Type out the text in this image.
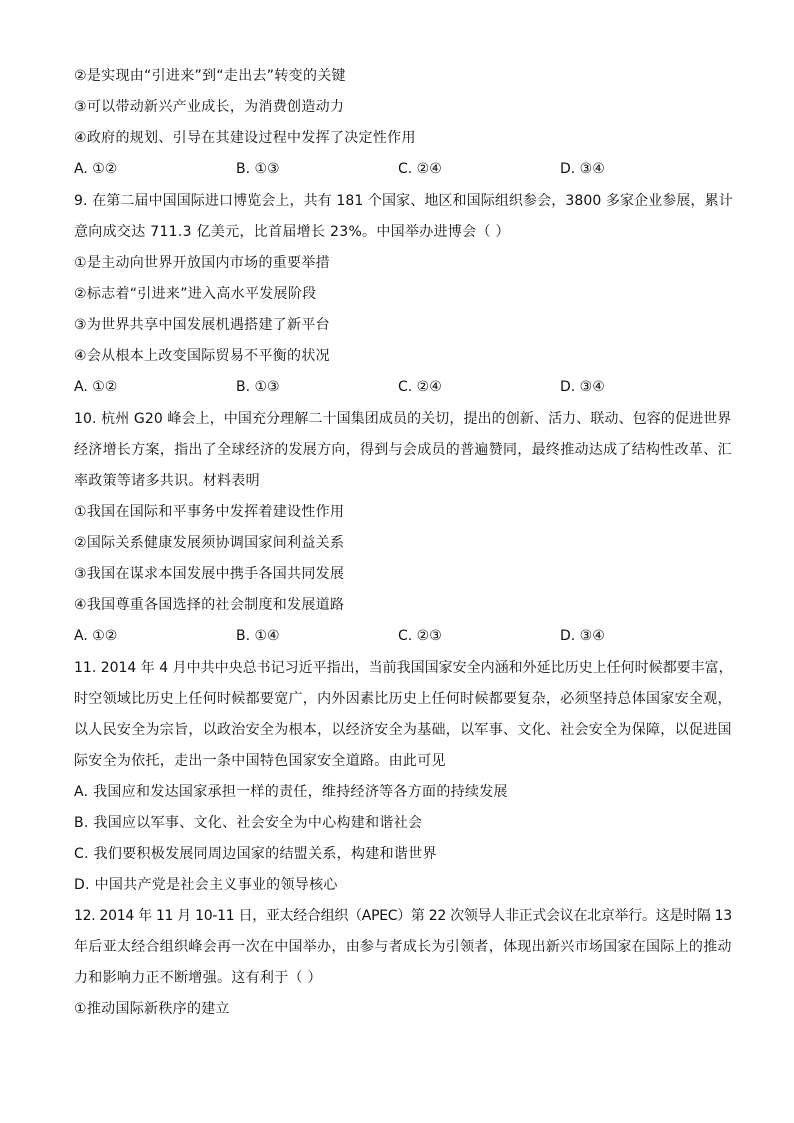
②是实现由“引进来”到“走出去”转变的关键
③可以带动新兴产业成长，为消费创造动力
④政府的规划、引导在其建设过程中发挥了决定性作用
A. ①②	B. ①③	C. ②④	D. ③④
9. 在第二届中国国际进口博览会上，共有 181 个国家、地区和国际组织参会，3800 多家企业参展，累计
意向成交达 711.3 亿美元，比首届增长 23%。中国举办进博会（ ）
①是主动向世界开放国内市场的重要举措
②标志着“引进来”进入高水平发展阶段
③为世界共享中国发展机遇搭建了新平台
④会从根本上改变国际贸易不平衡的状况
A. ①②	B. ①③	C. ②④	D. ③④
10. 杭州 G20 峰会上，中国充分理解二十国集团成员的关切，提出的创新、活力、联动、包容的促进世界
经济增长方案，指出了全球经济的发展方向，得到与会成员的普遍赞同，最终推动达成了结构性改革、汇
率政策等诸多共识。材料表明
①我国在国际和平事务中发挥着建设性作用
②国际关系健康发展须协调国家间利益关系
③我国在谋求本国发展中携手各国共同发展
④我国尊重各国选择的社会制度和发展道路
A. ①②	B. ①④	C. ②③	D. ③④
11. 2014 年 4 月中共中央总书记习近平指出，当前我国国家安全内涵和外延比历史上任何时候都要丰富，
时空领域比历史上任何时候都要宽广，内外因素比历史上任何时候都要复杂，必须坚持总体国家安全观，
以人民安全为宗旨，以政治安全为根本，以经济安全为基础，以军事、文化、社会安全为保障，以促进国
际安全为依托，走出一条中国特色国家安全道路。由此可见
A. 我国应和发达国家承担一样的责任，维持经济等各方面的持续发展
B. 我国应以军事、文化、社会安全为中心构建和谐社会
C. 我们要积极发展同周边国家的结盟关系，构建和谐世界
D. 中国共产党是社会主义事业的领导核心
12. 2014 年 11 月 10-11 日，亚太经合组织（APEC）第 22 次领导人非正式会议在北京举行。这是时隔 13
年后亚太经合组织峰会再一次在中国举办，由参与者成长为引领者，体现出新兴市场国家在国际上的推动
力和影响力正不断增强。这有利于（ ）
①推动国际新秩序的建立
